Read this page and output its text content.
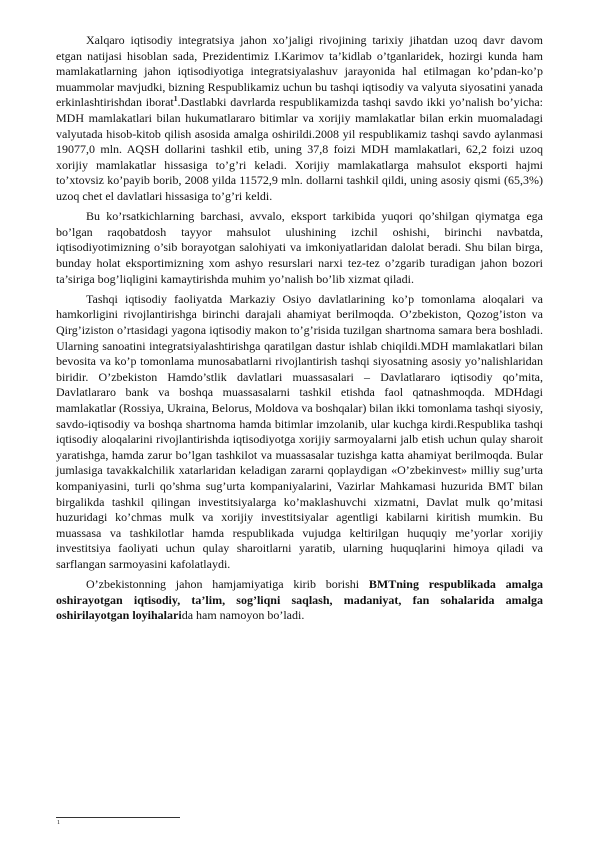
Xalqaro iqtisodiy integratsiya jahon xo’jaligi rivojining tarixiy jihatdan uzoq davr davom etgan natijasi hisoblan sada, Prezidentimiz I.Karimov ta’kidlab o’tganlaridek, hozirgi kunda ham mamlakatlarning jahon iqtisodiyotiga integratsiyalashuv jarayonida hal etilmagan ko’pdan-ko’p muammolar mavjudki, bizning Respublikamiz uchun bu tashqi iqtisodiy va valyuta siyosatini yanada erkinlashtirishdan iborat$^1$.Dastlabki davrlarda respublikamizda tashqi savdo ikki yo’nalish bo’yicha: MDH mamlakatlari bilan hukumatlararo bitimlar va xorijiy mamlakatlar bilan erkin muomaladagi valyutada hisob-kitob qilish asosida amalga oshirildi.2008 yil respublikamiz tashqi savdo aylanmasi 19077,0 mln. AQSH dollarini tashkil etib, uning 37,8 foizi MDH mamlakatlari, 62,2 foizi uzoq xorijiy mamlakatlar hissasiga to’g’ri keladi. Xorijiy mamlakatlarga mahsulot eksporti hajmi to’xtovsiz ko’payib borib, 2008 yilda 11572,9 mln. dollarni tashkil qildi, uning asosiy qismi (65,3%) uzoq chet el davlatlari hissasiga to’g’ri keldi.

Bu ko’rsatkichlarning barchasi, avvalo, eksport tarkibida yuqori qo’shilgan qiymatga ega bo’lgan raqobatdosh tayyor mahsulot ulushining izchil oshishi, birinchi navbatda, iqtisodiyotimizning o’sib borayotgan salohiyati va imkoniyatlaridan dalolat beradi. Shu bilan birga, bunday holat eksportimizning xom ashyo resurslari narxi tez-tez o’zgarib turadigan jahon bozori ta’siriga bog’liqligini kamaytirishda muhim yo’nalish bo’lib xizmat qiladi.

Tashqi iqtisodiy faoliyatda Markaziy Osiyo davlatlarining ko’p tomonlama aloqalari va hamkorligini rivojlantirishga birinchi darajali ahamiyat berilmoqda. O’zbekiston, Qozog’iston va Qirg’iziston o’rtasidagi yagona iqtisodiy makon to’g’risida tuzilgan shartnoma samara bera boshladi. Ularning sanoatini integratsiyalashtirishga qaratilgan dastur ishlab chiqildi.MDH mamlakatlari bilan bevosita va ko’p tomonlama munosabatlarni rivojlantirish tashqi siyosatning asosiy yo’nalishlaridan biridir. O’zbekiston Hamdo’stlik davlatlari muassasalari – Davlatlararo iqtisodiy qo’mita, Davlatlararo bank va boshqa muassasalarni tashkil etishda faol qatnashmoqda. MDHdagi mamlakatlar (Rossiya, Ukraina, Belorus, Moldova va boshqalar) bilan ikki tomonlama tashqi siyosiy, savdo-iqtisodiy va boshqa shartnoma hamda bitimlar imzolanib, ular kuchga kirdi.Respublika tashqi iqtisodiy aloqalarini rivojlantirishda iqtisodiyotga xorijiy sarmoyalarni jalb etish uchun qulay sharoit yaratishga, hamda zarur bo’lgan tashkilot va muassasalar tuzishga katta ahamiyat berilmoqda. Bular jumlasiga tavakkalchilik xatarlaridan keladigan zararni qoplaydigan «O’zbekinvest» milliy sug’urta kompaniyasini, turli qo’shma sug’urta kompaniyalarini, Vazirlar Mahkamasi huzurida BMT bilan birgalikda tashkil qilingan investitsiyalarga ko’maklashuvchi xizmatni, Davlat mulk qo’mitasi huzuridagi ko’chmas mulk va xorijiy investitsiyalar agentligi kabilarni kiritish mumkin. Bu muassasa va tashkilotlar hamda respublikada vujudga keltirilgan huquqiy me’yorlar xorijiy investitsiya faoliyati uchun qulay sharoitlarni yaratib, ularning huquqlarini himoya qiladi va sarflangan sarmoyasini kafolatlaydi.

O’zbekistonning jahon hamjamiyatiga kirib borishi BMTning respublikada amalga oshirayotgan iqtisodiy, ta’lim, sog’liqni saqlash, madaniyat, fan sohalarida amalga oshirilayotgan loyihalarida ham namoyon bo’ladi.

1
